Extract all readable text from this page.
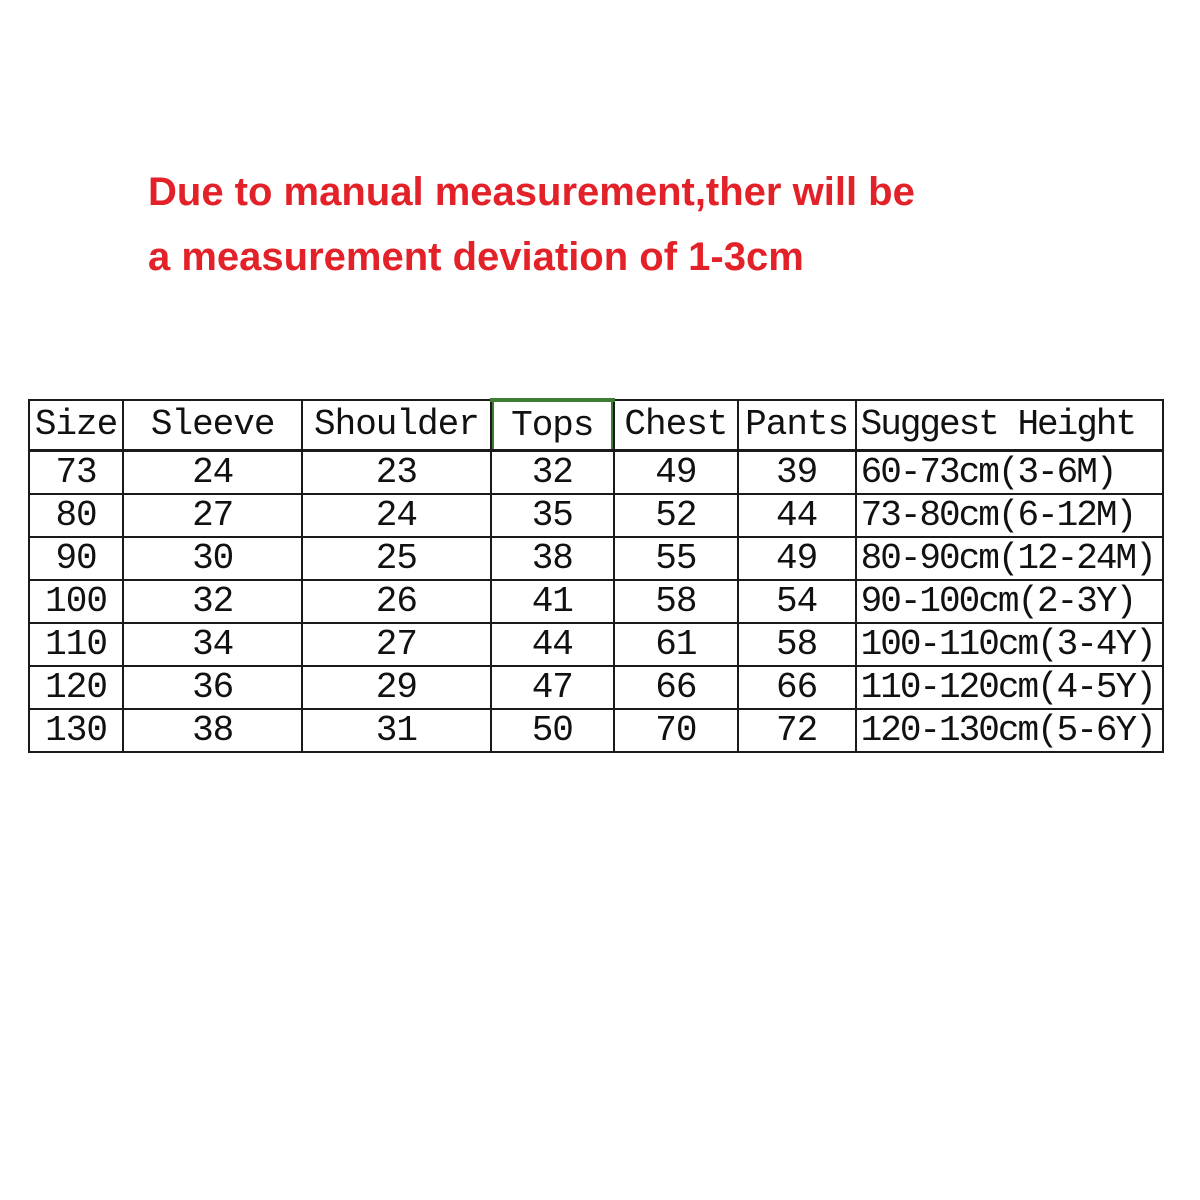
Due to manual measurement,ther will be
a measurement deviation of 1-3cm
Size	Sleeve	Shoulder	Tops	Chest	Pants	Suggest Height
73	24	23	32	49	39	60-73cm(3-6M)
80	27	24	35	52	44	73-80cm(6-12M)
90	30	25	38	55	49	80-90cm(12-24M)
100	32	26	41	58	54	90-100cm(2-3Y)
110	34	27	44	61	58	100-110cm(3-4Y)
120	36	29	47	66	66	110-120cm(4-5Y)
130	38	31	50	70	72	120-130cm(5-6Y)
